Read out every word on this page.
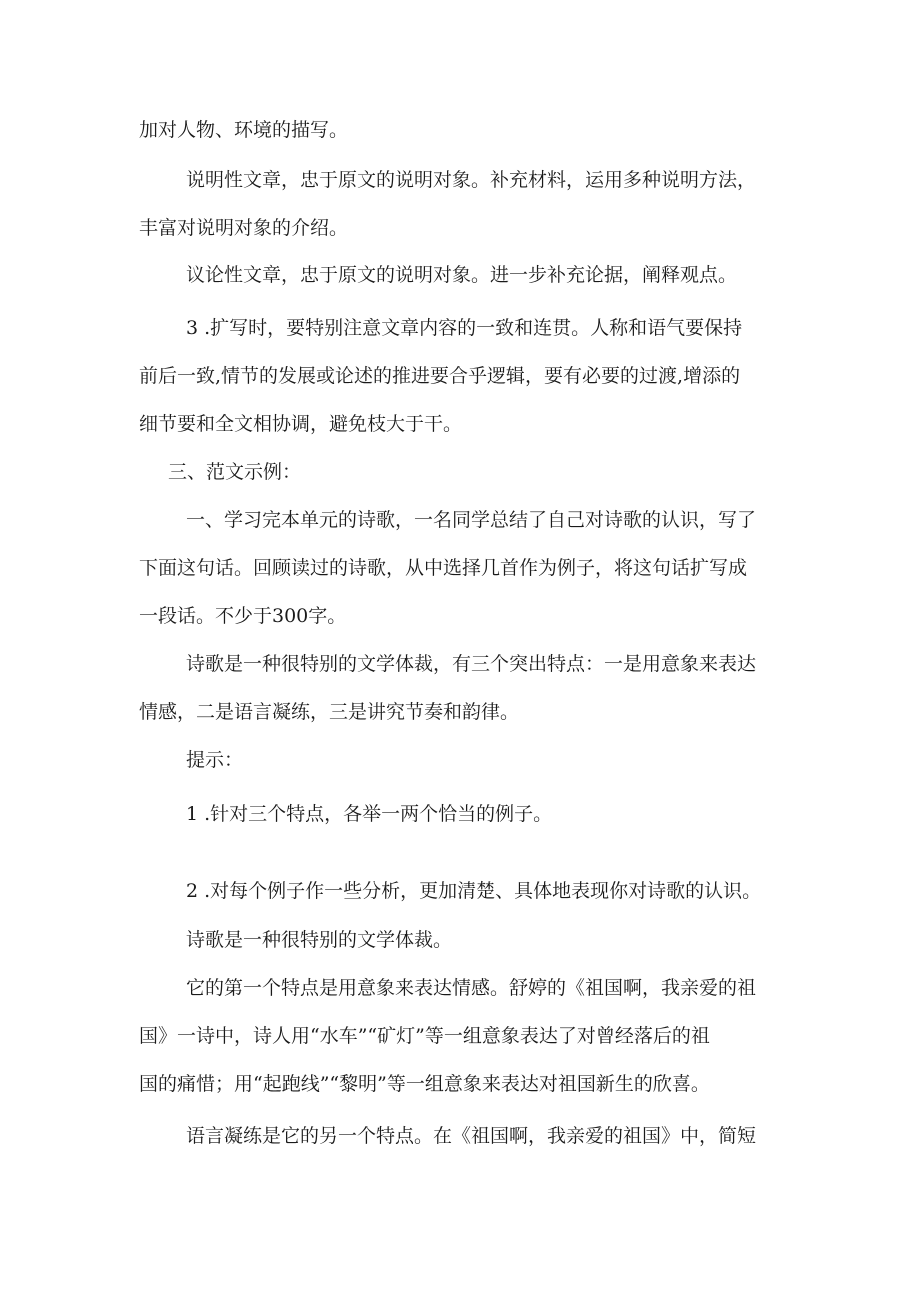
加对人物、环境的描写。
说明性文章，忠于原文的说明对象。补充材料，运用多种说明方法，
丰富对说明对象的介绍。
议论性文章，忠于原文的说明对象。进一步补充论据，阐释观点。
3 .扩写时，要特别注意文章内容的一致和连贯。人称和语气要保持
前后一致,情节的发展或论述的推进要合乎逻辑，要有必要的过渡,增添的
细节要和全文相协调，避免枝大于干。
三、范文示例：
一、学习完本单元的诗歌，一名同学总结了自己对诗歌的认识，写了
下面这句话。回顾读过的诗歌，从中选择几首作为例子，将这句话扩写成
一段话。不少于300字。
诗歌是一种很特别的文学体裁，有三个突出特点：一是用意象来表达
情感，二是语言凝练，三是讲究节奏和韵律。
提示：
1 .针对三个特点，各举一两个恰当的例子。
2 .对每个例子作一些分析，更加清楚、具体地表现你对诗歌的认识。
诗歌是一种很特别的文学体裁。
它的第一个特点是用意象来表达情感。舒婷的《祖国啊，我亲爱的祖
国》一诗中，诗人用“水车”“矿灯”等一组意象表达了对曾经落后的祖
国的痛惜；用“起跑线”“黎明”等一组意象来表达对祖国新生的欣喜。
语言凝练是它的另一个特点。在《祖国啊，我亲爱的祖国》中，简短
